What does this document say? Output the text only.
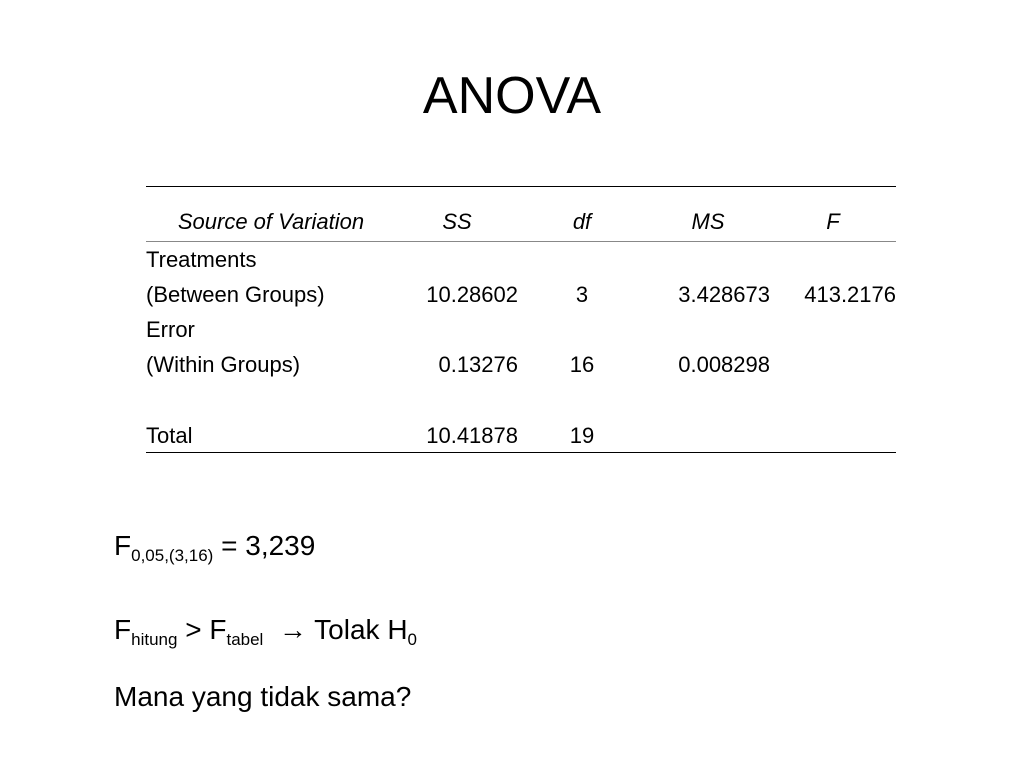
ANOVA
Source of Variation	SS	df	MS	F
Treatments				
(Between Groups)	10.28602	3	3.428673	413.2176
Error				
(Within Groups)	0.13276	16	0.008298	

Total	10.41878	19		
$F_{0,05,(3,16)} = 3,239$
$F_{hitung} > F_{tabel}$  → Tolak $H_0$
Mana yang tidak sama?
